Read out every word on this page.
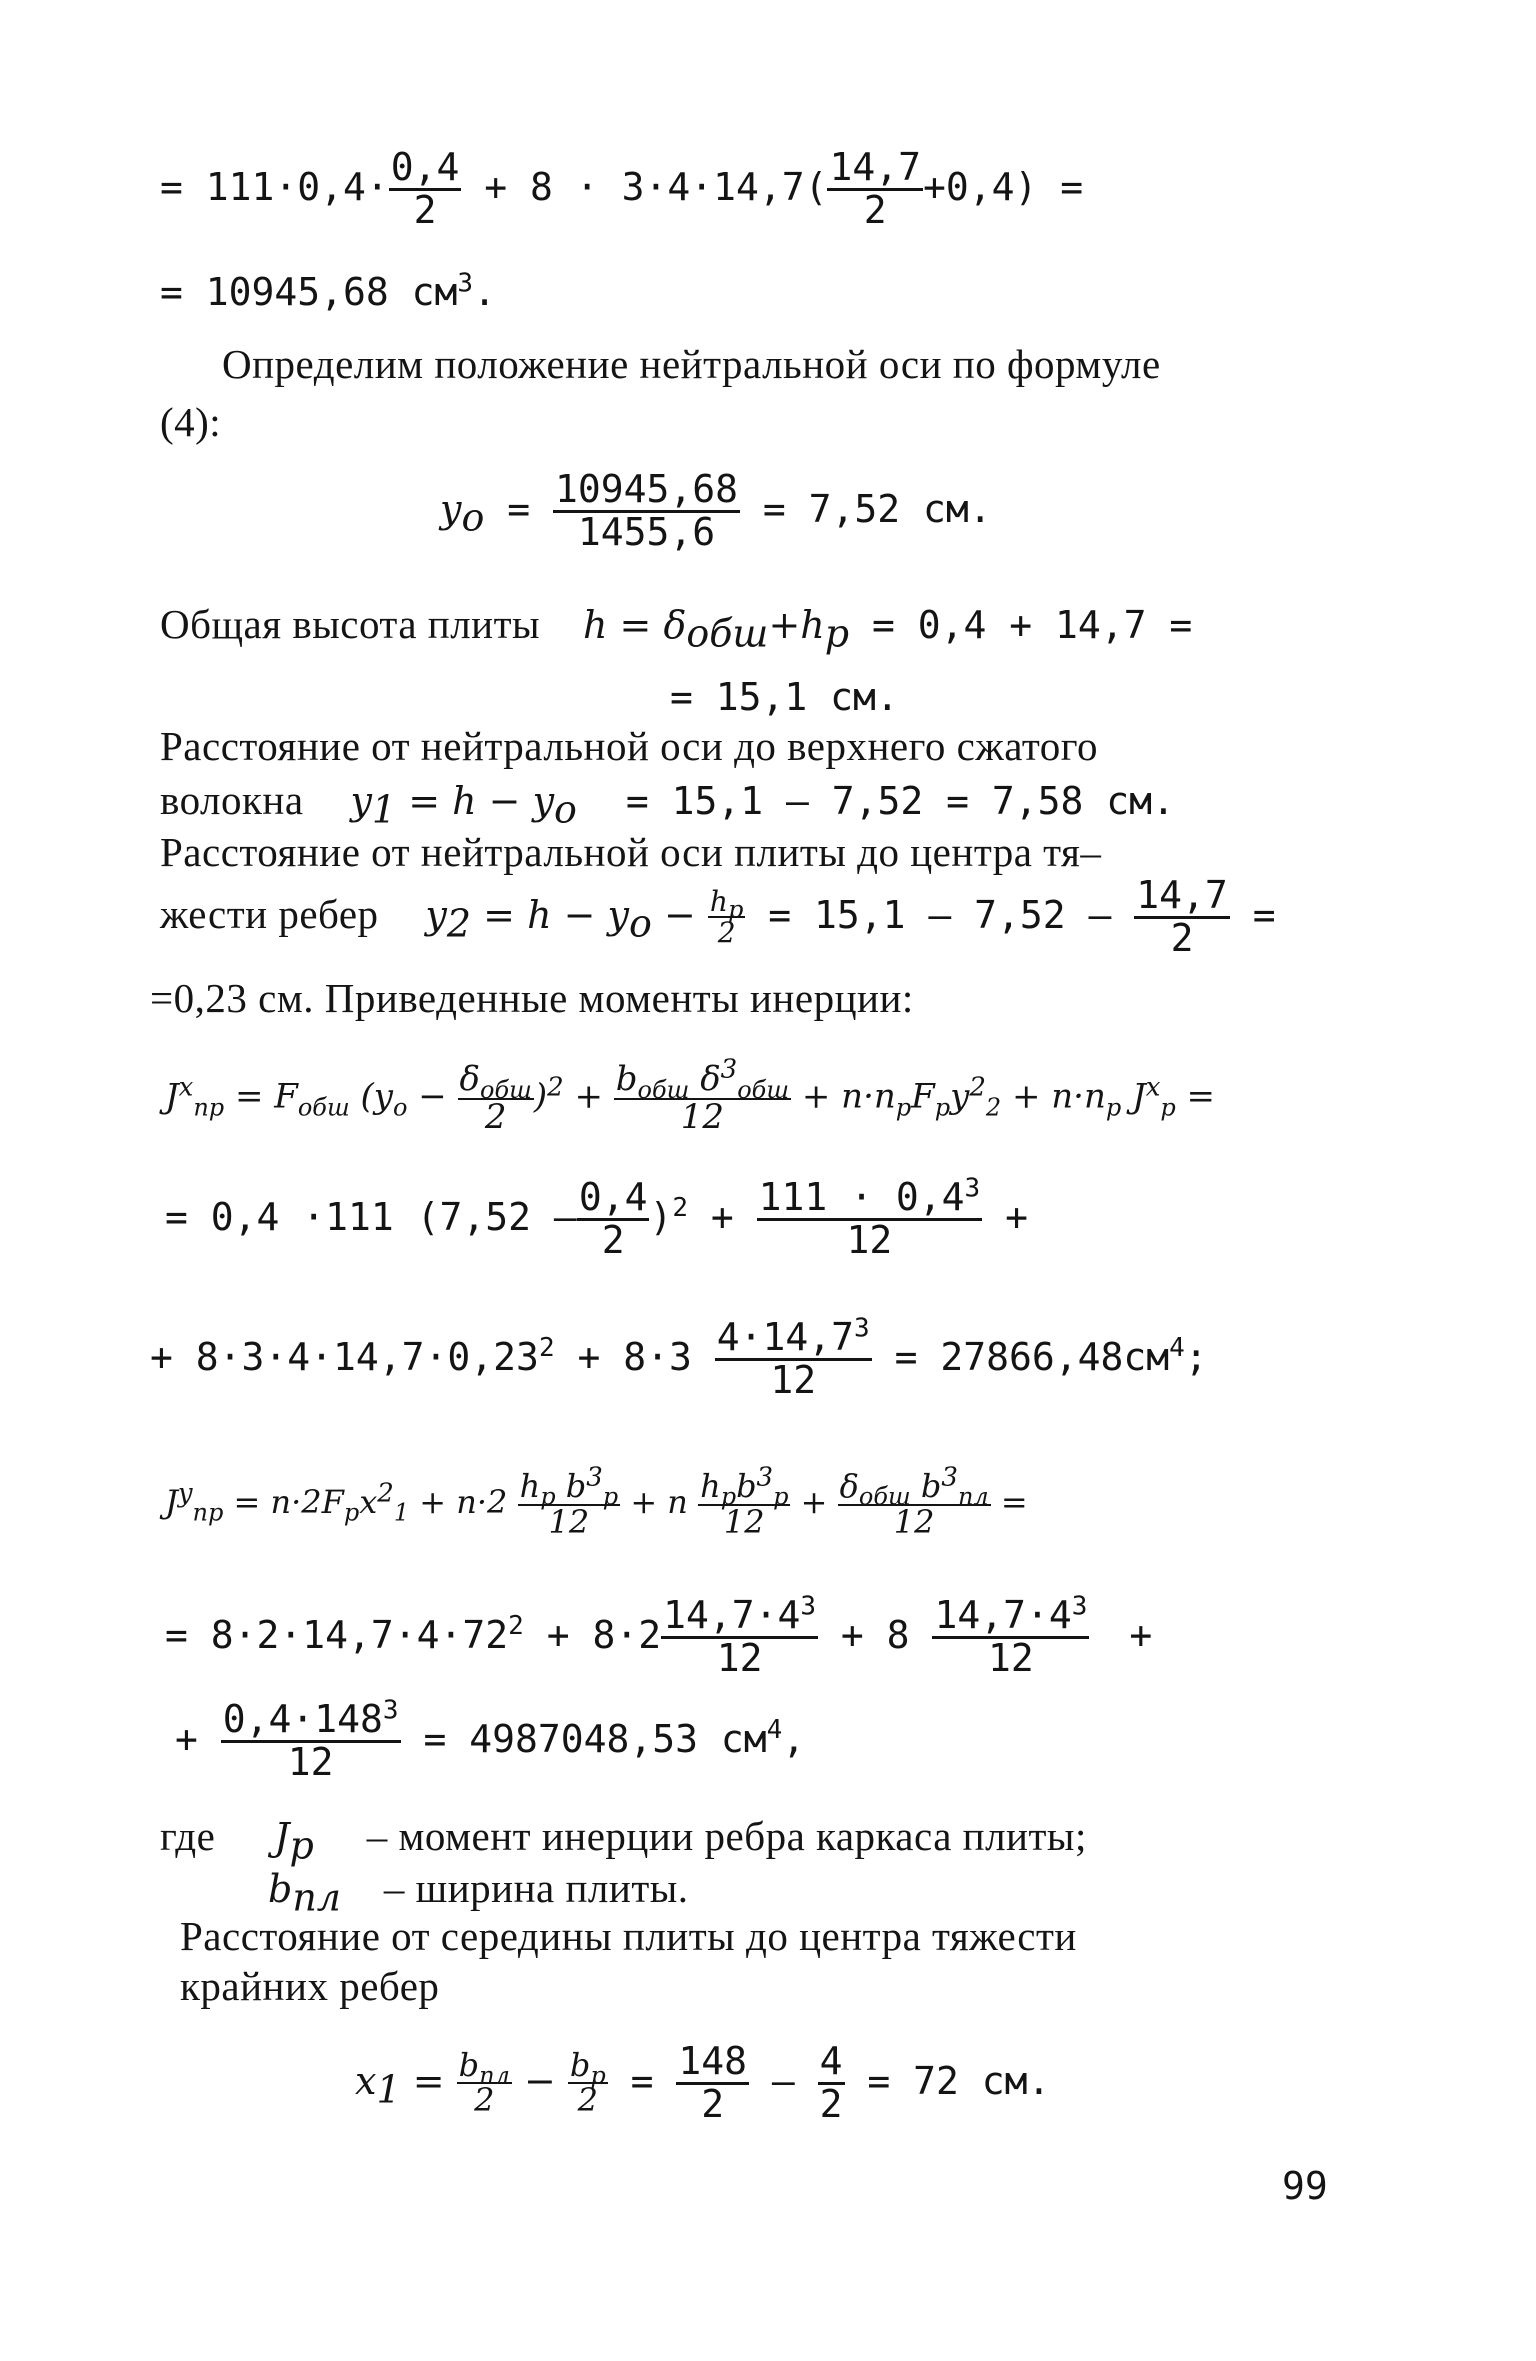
= $111\cdot 0,4\cdot \frac{0,4}{2} + 8 \cdot 3\cdot 4\cdot 14,7( \frac{14,7}{2} +0,4)$ =
= 10945,68 $см^3$.
Определим положение нейтральной оси по формуле
(4):
$y_o = \frac{10945,68}{1455,6} = 7,52$ см.
Общая высота плиты $h = \delta_{обш}+h_р = 0,4 + 14,7$ =
= 15,1 см.
Расстояние от нейтральной оси до верхнего сжатого
волокна $y_1 = h - y_o = 15,1 - 7,52 = 7,58$ см.
Расстояние от нейтральной оси плиты до центра тя–
жести ребер $y_2 = h - y_o - \frac{h_р}{2} = 15,1 - 7,52 - \frac{14,7}{2}$ =
=0,23 см. Приведенные моменты инерции:
$J^x_{пр} = F_{обш}$ $(y_o - \frac{\delta_{обш}}{2} )^2 + \frac{b_{обш} \delta^3_{обш}}{12} + n\cdot n_рF_рy^2_2 + n\cdot n_р$ $J^x_р$ =
= 0,4 ·111 $(7,52 - \frac{0,4}{2} )^2 + \frac{111 \cdot 0,4^3}{12}$ +
+ $8\cdot 3\cdot 4\cdot 14,7\cdot 0,23^2 + 8\cdot 3 \frac{4\cdot 14,7^3}{12} = 27866,48см^4$;
$J^y_{пр} = n\cdot 2F_рx^2_1 + n\cdot 2 \frac{h_р b^3_р}{12} + n \frac{h_рb^3_р}{12} + \frac{\delta_{обш} b^3_{пл}}{12}$ =
= $8\cdot 2\cdot 14,7\cdot 4\cdot 72^2 + 8\cdot 2 \frac{14,7\cdot 4^3}{12} + 8 \frac{14,7\cdot 4^3}{12}$ +
+ $\frac{0,4\cdot 148^3}{12} = 4987048,53$ $см^4$,
где $J_р$ – момент инерции ребра каркаса плиты;
$b_{пл}$ – ширина плиты.
Расстояние от середины плиты до центра тяжести
крайних ребер
$x_1 = \frac{b_{пл}}{2} - \frac{b_р}{2} = \frac{148}{2} - \frac{4}{2} = 72$ см.
99
